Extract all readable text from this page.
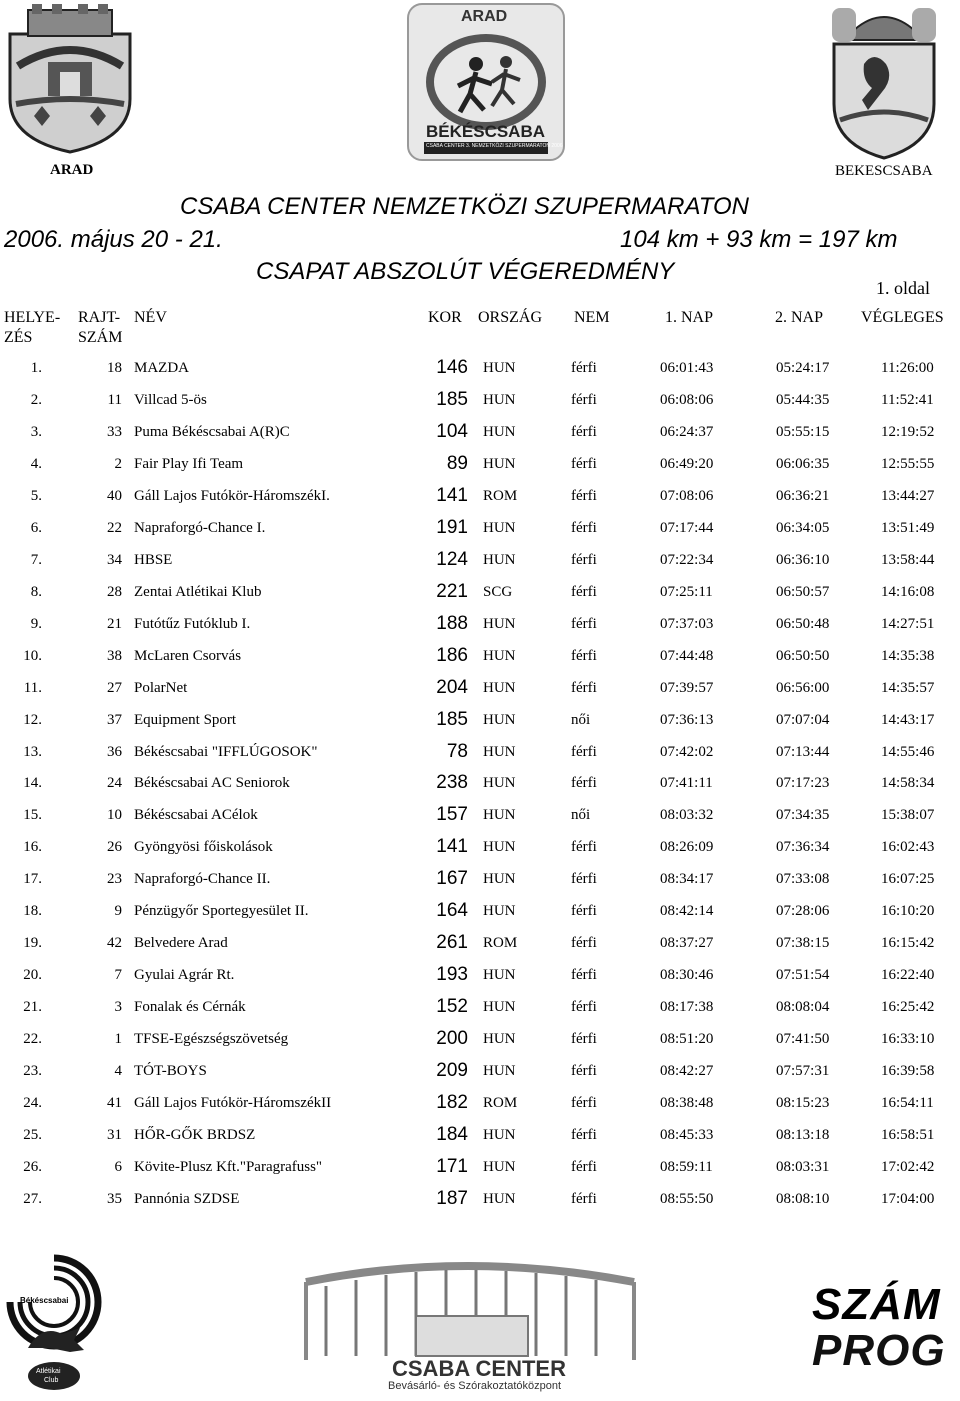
ARAD
ARAD
BÉKÉSCSABA
CSABA CENTER 3. NEMZETKÖZI SZUPERMARATON 2006
BEKESCSABA
CSABA CENTER NEMZETKÖZI SZUPERMARATON
2006. május 20 - 21.	104 km + 93 km = 197 km
CSAPAT ABSZOLÚT VÉGEREDMÉNY
1. oldal
HELYE-
ZÉS
RAJT-
SZÁM
NÉV	KOR ORSZÁG NEM	1. NAP	2. NAP VÉGLEGES
1.	18 MAZDA	146 HUN	férfi	06:01:43	05:24:17	11:26:00
2.	11 Villcad 5-ös	185 HUN	férfi	06:08:06	05:44:35	11:52:41
3.	33 Puma Békéscsabai A(R)C	104 HUN	férfi	06:24:37	05:55:15	12:19:52
4.	2 Fair Play Ifi Team	89 HUN	férfi	06:49:20	06:06:35	12:55:55
5.	40 Gáll Lajos Futókör-HáromszékI.	141 ROM	férfi	07:08:06	06:36:21	13:44:27
6.	22 Napraforgó-Chance I.	191 HUN	férfi	07:17:44	06:34:05	13:51:49
7.	34 HBSE	124 HUN	férfi	07:22:34	06:36:10	13:58:44
8.	28 Zentai Atlétikai Klub	221 SCG	férfi	07:25:11	06:50:57	14:16:08
9.	21 Futótűz Futóklub I.	188 HUN	férfi	07:37:03	06:50:48	14:27:51
10.	38 McLaren Csorvás	186 HUN	férfi	07:44:48	06:50:50	14:35:38
11.	27 PolarNet	204 HUN	férfi	07:39:57	06:56:00	14:35:57
12.	37 Equipment Sport	185 HUN	női	07:36:13	07:07:04	14:43:17
13.	36 Békéscsabai "IFFLÚGOSOK"	78 HUN	férfi	07:42:02	07:13:44	14:55:46
14.	24 Békéscsabai AC Seniorok	238 HUN	férfi	07:41:11	07:17:23	14:58:34
15.	10 Békéscsabai ACélok	157 HUN	női	08:03:32	07:34:35	15:38:07
16.	26 Gyöngyösi főiskolások	141 HUN	férfi	08:26:09	07:36:34	16:02:43
17.	23 Napraforgó-Chance II.	167 HUN	férfi	08:34:17	07:33:08	16:07:25
18.	9 Pénzügyőr Sportegyesület II.	164 HUN	férfi	08:42:14	07:28:06	16:10:20
19.	42 Belvedere Arad	261 ROM	férfi	08:37:27	07:38:15	16:15:42
20.	7 Gyulai Agrár Rt.	193 HUN	férfi	08:30:46	07:51:54	16:22:40
21.	3 Fonalak és Cérnák	152 HUN	férfi	08:17:38	08:08:04	16:25:42
22.	1 TFSE-Egészségszövetség	200 HUN	férfi	08:51:20	07:41:50	16:33:10
23.	4 TÓT-BOYS	209 HUN	férfi	08:42:27	07:57:31	16:39:58
24.	41 Gáll Lajos Futókör-HáromszékII	182 ROM	férfi	08:38:48	08:15:23	16:54:11
25.	31 HŐR-GŐK BRDSZ	184 HUN	férfi	08:45:33	08:13:18	16:58:51
26.	6 Kövite-Plusz Kft."Paragrafuss"	171 HUN	férfi	08:59:11	08:03:31	17:02:42
27.	35 Pannónia SZDSE	187 HUN	férfi	08:55:50	08:08:10	17:04:00
Békéscsabai
Atlétikai
Club	CSABA CENTER
Bevásárló- és Szórakoztatóközpont
SZÁM
PROG
